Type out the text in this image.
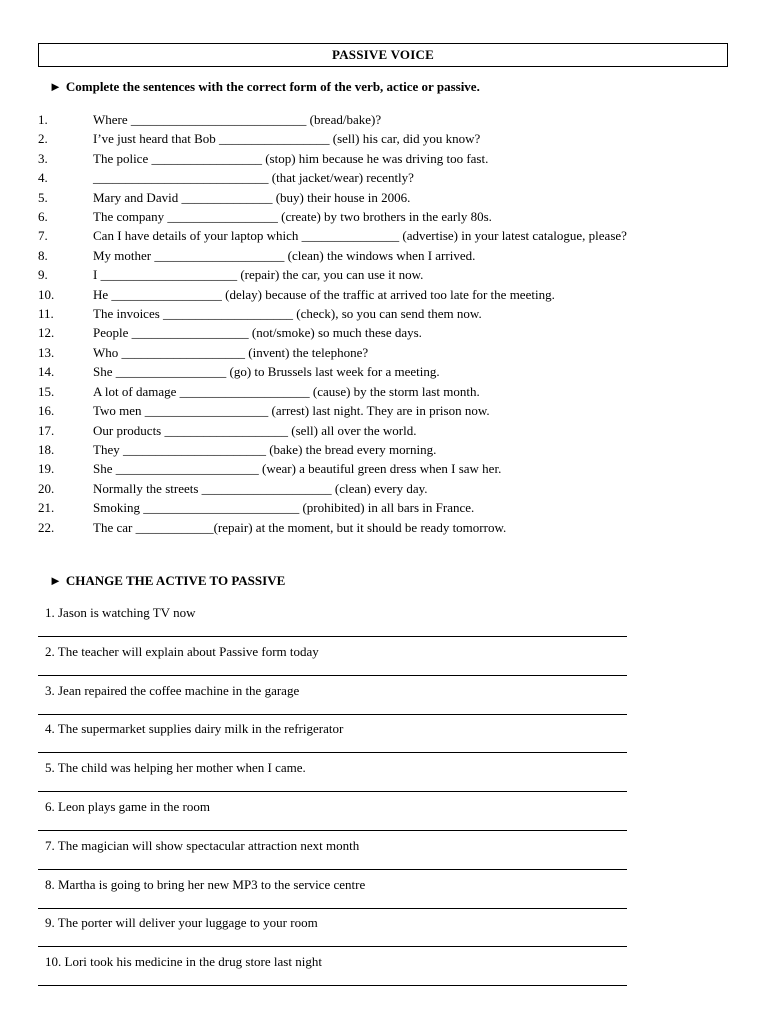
PASSIVE VOICE
► Complete the sentences with the correct form of the verb, actice or passive.
1.	Where ___________________________ (bread/bake)?
2.	I’ve just heard that Bob _________________ (sell) his car, did you know?
3.	The police _________________ (stop) him because he was driving too fast.
4.	___________________________ (that jacket/wear) recently?
5.	Mary and David ______________ (buy) their house in 2006.
6.	The company _________________ (create) by two brothers in the early 80s.
7.	Can I have details of your laptop which _______________ (advertise) in your latest catalogue, please?
8.	My mother ____________________ (clean) the windows when I arrived.
9.	I _____________________ (repair) the car, you can use it now.
10.	He _________________ (delay) because of the traffic at arrived too late for the meeting.
11.	The invoices ____________________ (check), so you can send them now.
12.	People __________________ (not/smoke) so much these days.
13.	Who ___________________ (invent) the telephone?
14.	She _________________ (go) to Brussels last week for a meeting.
15.	A lot of damage ____________________ (cause) by the storm last month.
16.	Two men ___________________ (arrest) last night. They are in prison now.
17.	Our products ___________________ (sell) all over the world.
18.	They ______________________ (bake) the bread every morning.
19.	She ______________________ (wear) a beautiful green dress when I saw her.
20.	Normally the streets ____________________ (clean) every day.
21.	Smoking ________________________ (prohibited) in all bars in France.
22.	The car ____________(repair) at the moment, but it should be ready tomorrow.
► CHANGE THE ACTIVE TO PASSIVE
1. Jason is watching TV now
2. The teacher will explain about Passive form today
3. Jean repaired the coffee machine in the garage
4. The supermarket supplies dairy milk in the refrigerator
5. The child was helping her mother when I came.
6. Leon plays game in the room
7. The magician will show spectacular attraction next month
8. Martha is going to bring her new MP3 to the service centre
9. The porter will deliver your luggage to your room
10. Lori took his medicine in the drug store last night
